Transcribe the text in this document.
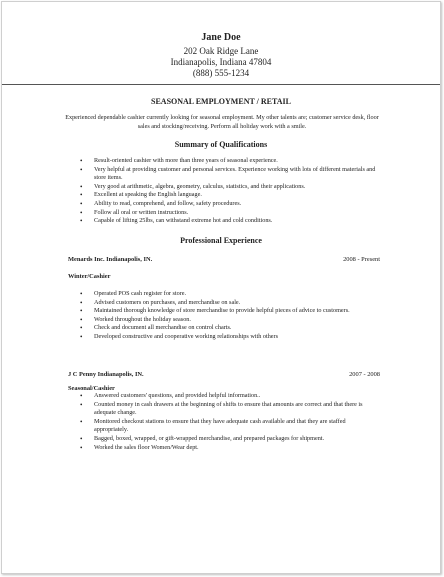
Jane Doe
202 Oak Ridge Lane
Indianapolis, Indiana 47804
(888) 555-1234
SEASONAL EMPLOYMENT / RETAIL
Experienced dependable cashier currently looking for seasonal employment. My other talents are; customer service desk, floor sales and stocking/receiving. Perform all holiday work with a smile.
Summary of Qualifications
• Result-oriented cashier with more than three years of seasonal experience.
• Very helpful at providing customer and personal services. Experience working with lots of different materials and store items.
• Very good at arithmetic, algebra, geometry, calculus, statistics, and their applications.
• Excellent at speaking the English language.
• Ability to read, comprehend, and follow, safety procedures.
• Follow all oral or written instructions.
• Capable of lifting 25lbs, can withstand extreme hot and cold conditions.
Professional Experience
Menards Inc. Indianapolis, IN.	2008 - Present
Winter/Cashier
• Operated POS cash register for store.
• Advised customers on purchases, and merchandise on sale.
• Maintained thorough knowledge of store merchandise to provide helpful pieces of advice to customers.
• Worked throughout the holiday season.
• Check and document all merchandise on control charts.
• Developed constructive and cooperative working relationships with others
J C Penny Indianapolis, IN.	2007 - 2008
Seasonal/Cashier
• Answered customers' questions, and provided helpful information..
• Counted money in cash drawers at the beginning of shifts to ensure that amounts are correct and that there is adequate change.
• Monitored checkout stations to ensure that they have adequate cash available and that they are staffed appropriately.
• Bagged, boxed, wrapped, or gift-wrapped merchandise, and prepared packages for shipment.
• Worked the sales floor Women/Wear dept.
